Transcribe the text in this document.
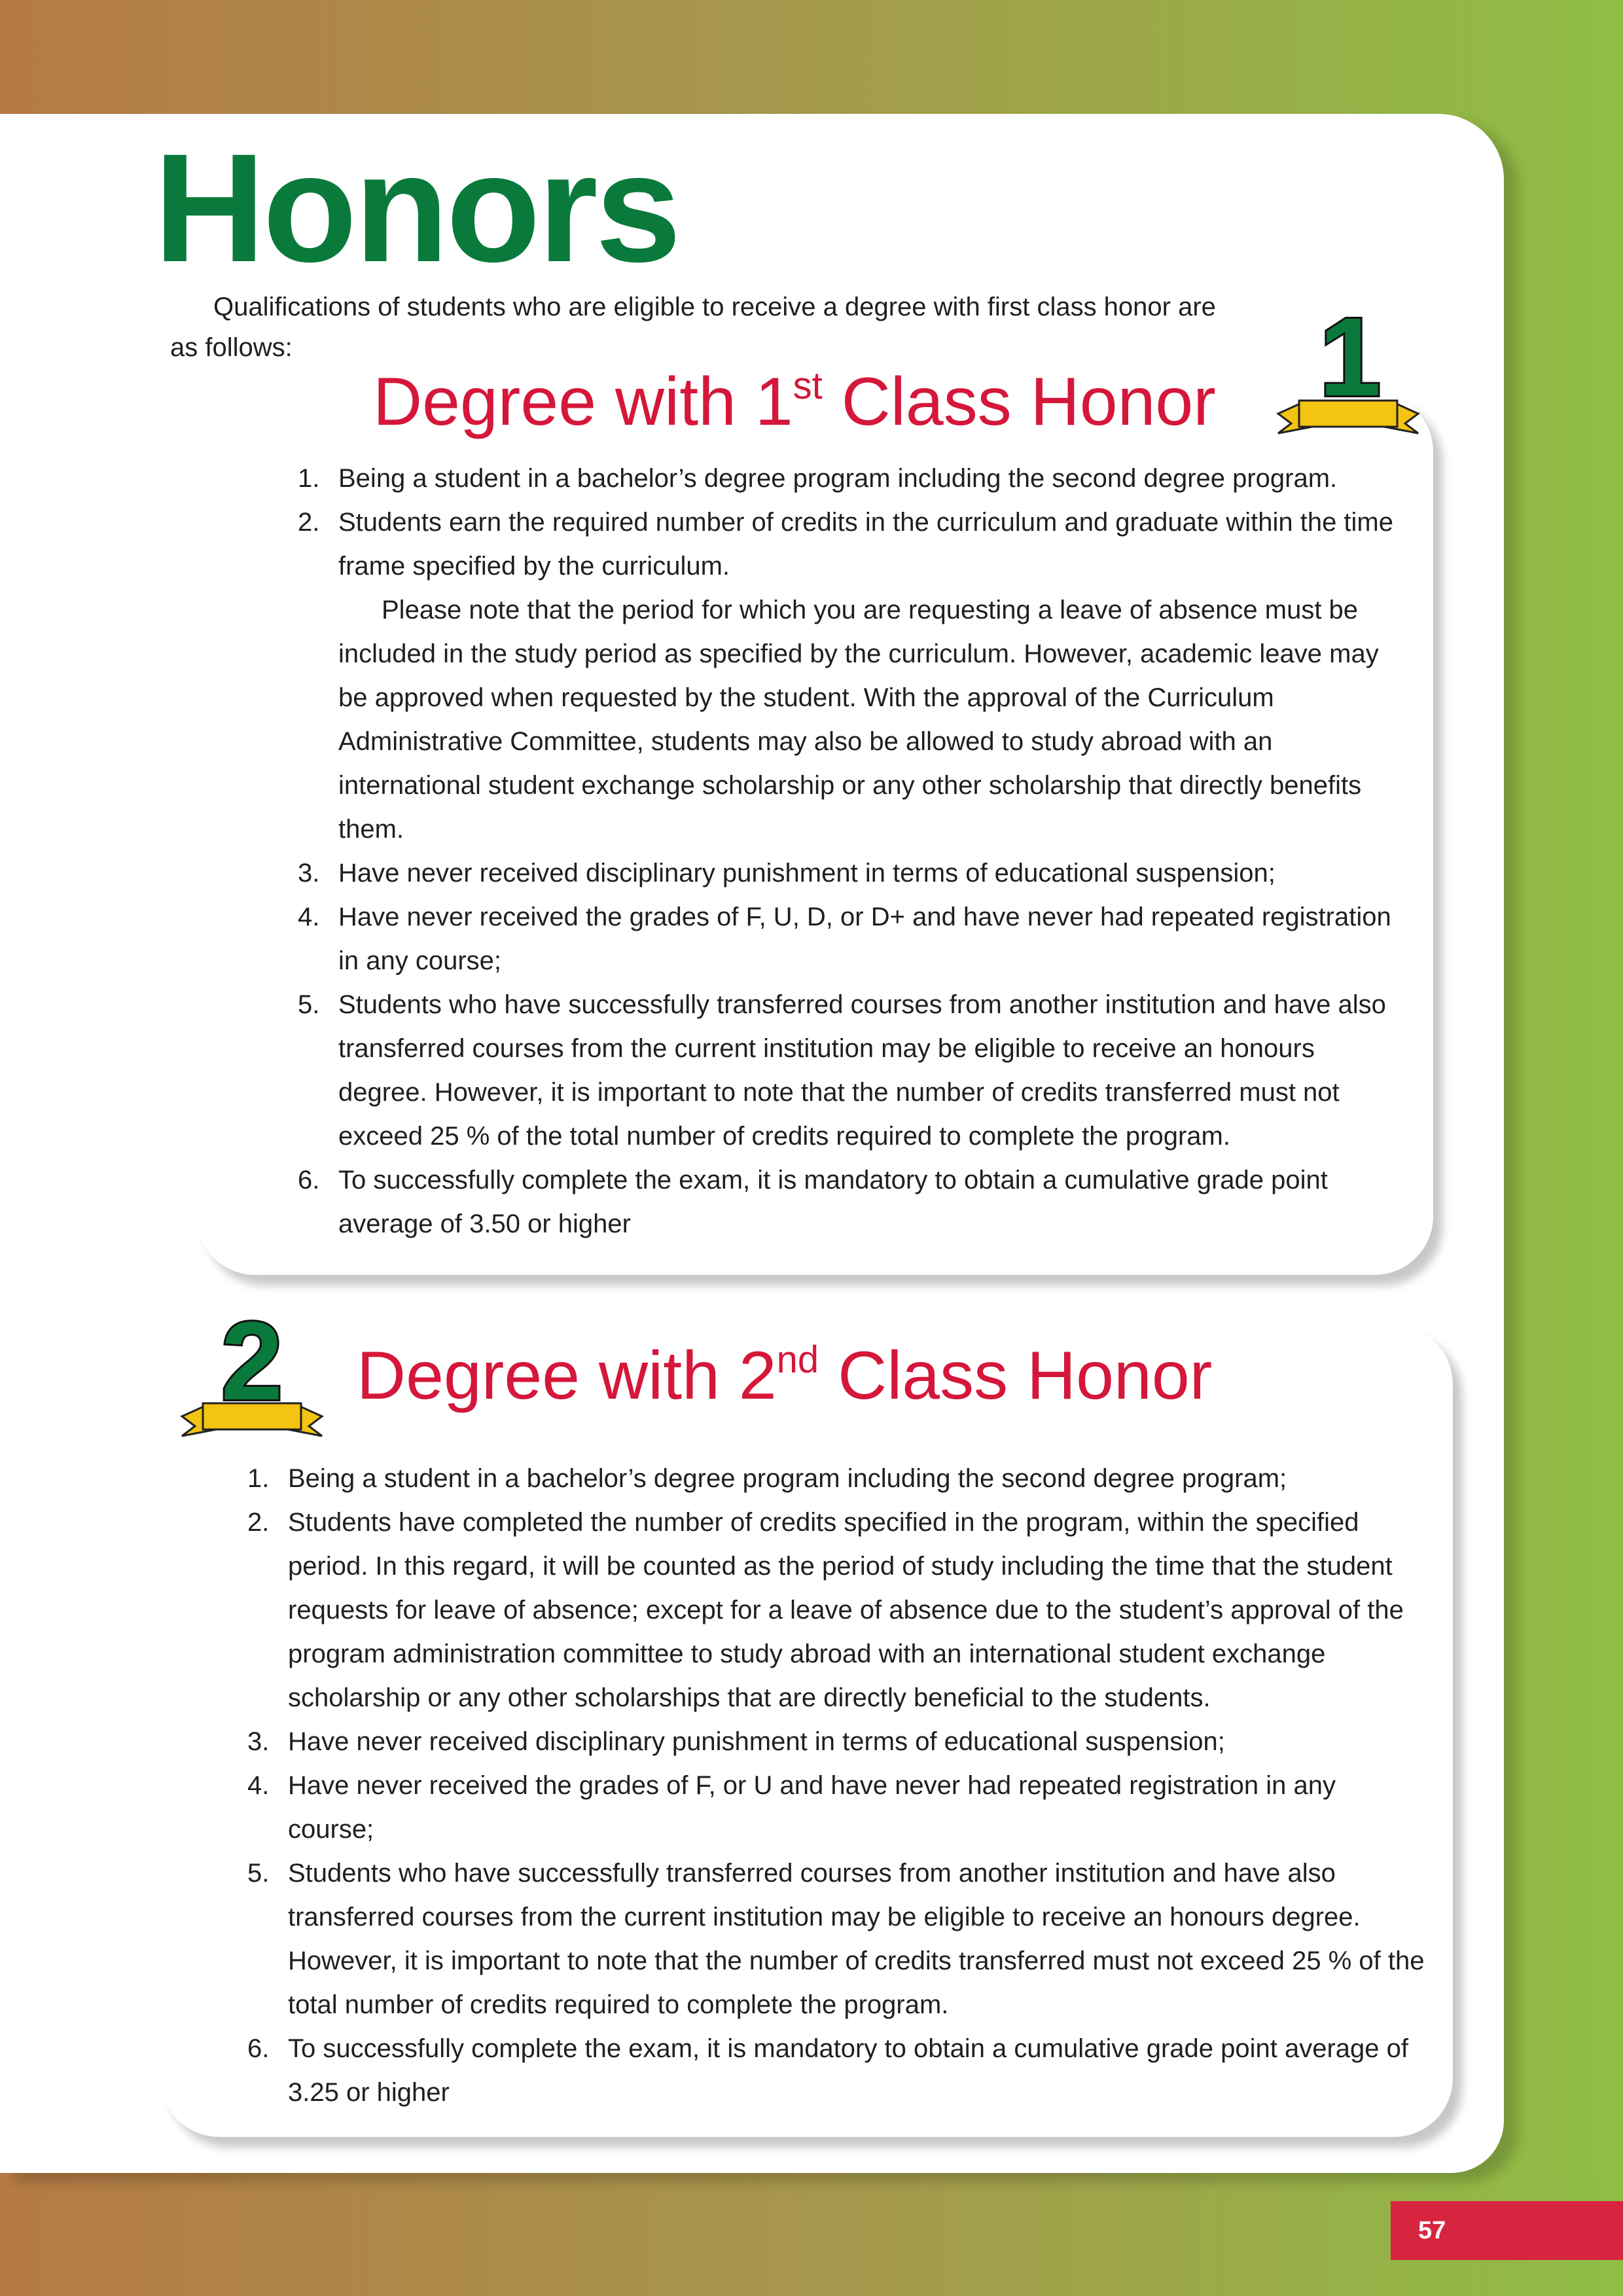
Honors

Qualifications of students who are eligible to receive a degree with first class honor are as follows:	1
2
Degree with 1st Class Honor
1. Being a student in a bachelor’s degree program including the second degree program.
2. Students earn the required number of credits in the curriculum and graduate within the time frame specified by the curriculum.
Please note that the period for which you are requesting a leave of absence must be included in the study period as specified by the curriculum. However, academic leave may be approved when requested by the student. With the approval of the Curriculum Administrative Committee, students may also be allowed to study abroad with an international student exchange scholarship or any other scholarship that directly benefits them.
3. Have never received disciplinary punishment in terms of educational suspension;
4. Have never received the grades of F, U, D, or D+ and have never had repeated registration in any course;
5. Students who have successfully transferred courses from another institution and have also transferred courses from the current institution may be eligible to receive an honours degree. However, it is important to note that the number of credits transferred must not exceed 25 % of the total number of credits required to complete the program.
6. To successfully complete the exam, it is mandatory to obtain a cumulative grade point average of 3.50 or higher
Degree with 2nd Class Honor
1. Being a student in a bachelor’s degree program including the second degree program;
2. Students have completed the number of credits specified in the program, within the specified period. In this regard, it will be counted as the period of study including the time that the student requests for leave of absence; except for a leave of absence due to the student’s approval of the program administration committee to study abroad with an international student exchange scholarship or any other scholarships that are directly beneficial to the students.
3. Have never received disciplinary punishment in terms of educational suspension;
4. Have never received the grades of F, or U and have never had repeated registration in any course;
5. Students who have successfully transferred courses from another institution and have also transferred courses from the current institution may be eligible to receive an honours degree. However, it is important to note that the number of credits transferred must not exceed 25 % of the total number of credits required to complete the program.
6. To successfully complete the exam, it is mandatory to obtain a cumulative grade point average of 3.25 or higher
57
